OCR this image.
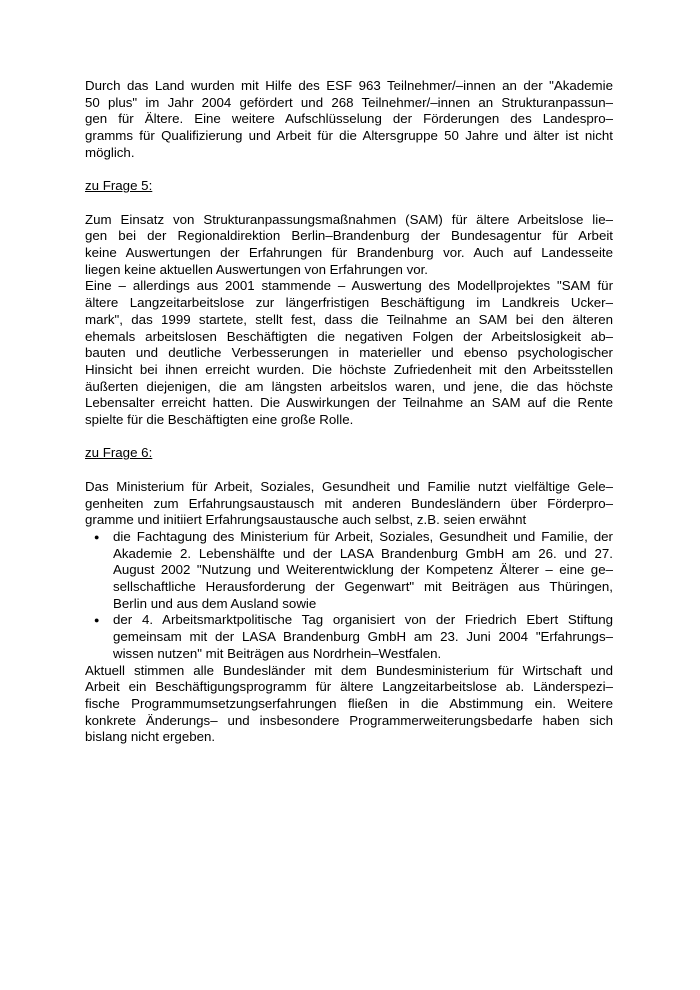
Durch das Land wurden mit Hilfe des ESF 963 Teilnehmer/–innen an der "Akademie
50 plus" im Jahr 2004 gefördert und 268 Teilnehmer/–innen an Strukturanpassun–
gen für Ältere. Eine weitere Aufschlüsselung der Förderungen des Landespro–
gramms für Qualifizierung und Arbeit für die Altersgruppe 50 Jahre und älter ist nicht
möglich.

zu Frage 5:

Zum Einsatz von Strukturanpassungsmaßnahmen (SAM) für ältere Arbeitslose lie–
gen bei der Regionaldirektion Berlin–Brandenburg der Bundesagentur für Arbeit
keine Auswertungen der Erfahrungen für Brandenburg vor. Auch auf Landesseite
liegen keine aktuellen Auswertungen von Erfahrungen vor.

Eine – allerdings aus 2001 stammende – Auswertung des Modellprojektes "SAM für
ältere Langzeitarbeitslose zur längerfristigen Beschäftigung im Landkreis Ucker–
mark", das 1999 startete, stellt fest, dass die Teilnahme an SAM bei den älteren
ehemals arbeitslosen Beschäftigten die negativen Folgen der Arbeitslosigkeit ab–
bauten und deutliche Verbesserungen in materieller und ebenso psychologischer
Hinsicht bei ihnen erreicht wurden. Die höchste Zufriedenheit mit den Arbeitsstellen
äußerten diejenigen, die am längsten arbeitslos waren, und jene, die das höchste
Lebensalter erreicht hatten. Die Auswirkungen der Teilnahme an SAM auf die Rente
spielte für die Beschäftigten eine große Rolle.

zu Frage 6:

Das Ministerium für Arbeit, Soziales, Gesundheit und Familie nutzt vielfältige Gele–
genheiten zum Erfahrungsaustausch mit anderen Bundesländern über Förderpro–
gramme und initiiert Erfahrungsaustausche auch selbst, z.B. seien erwähnt

● die Fachtagung des Ministerium für Arbeit, Soziales, Gesundheit und Familie, der
Akademie 2. Lebenshälfte und der LASA Brandenburg GmbH am 26. und 27.
August 2002 "Nutzung und Weiterentwicklung der Kompetenz Älterer – eine ge–
sellschaftliche Herausforderung der Gegenwart" mit Beiträgen aus Thüringen,
Berlin und aus dem Ausland sowie
● der 4. Arbeitsmarktpolitische Tag organisiert von der Friedrich Ebert Stiftung
gemeinsam mit der LASA Brandenburg GmbH am 23. Juni 2004 "Erfahrungs–
wissen nutzen" mit Beiträgen aus Nordrhein–Westfalen.

Aktuell stimmen alle Bundesländer mit dem Bundesministerium für Wirtschaft und
Arbeit ein Beschäftigungsprogramm für ältere Langzeitarbeitslose ab. Länderspezi–
fische Programmumsetzungserfahrungen fließen in die Abstimmung ein. Weitere
konkrete Änderungs– und insbesondere Programmerweiterungsbedarfe haben sich
bislang nicht ergeben.
